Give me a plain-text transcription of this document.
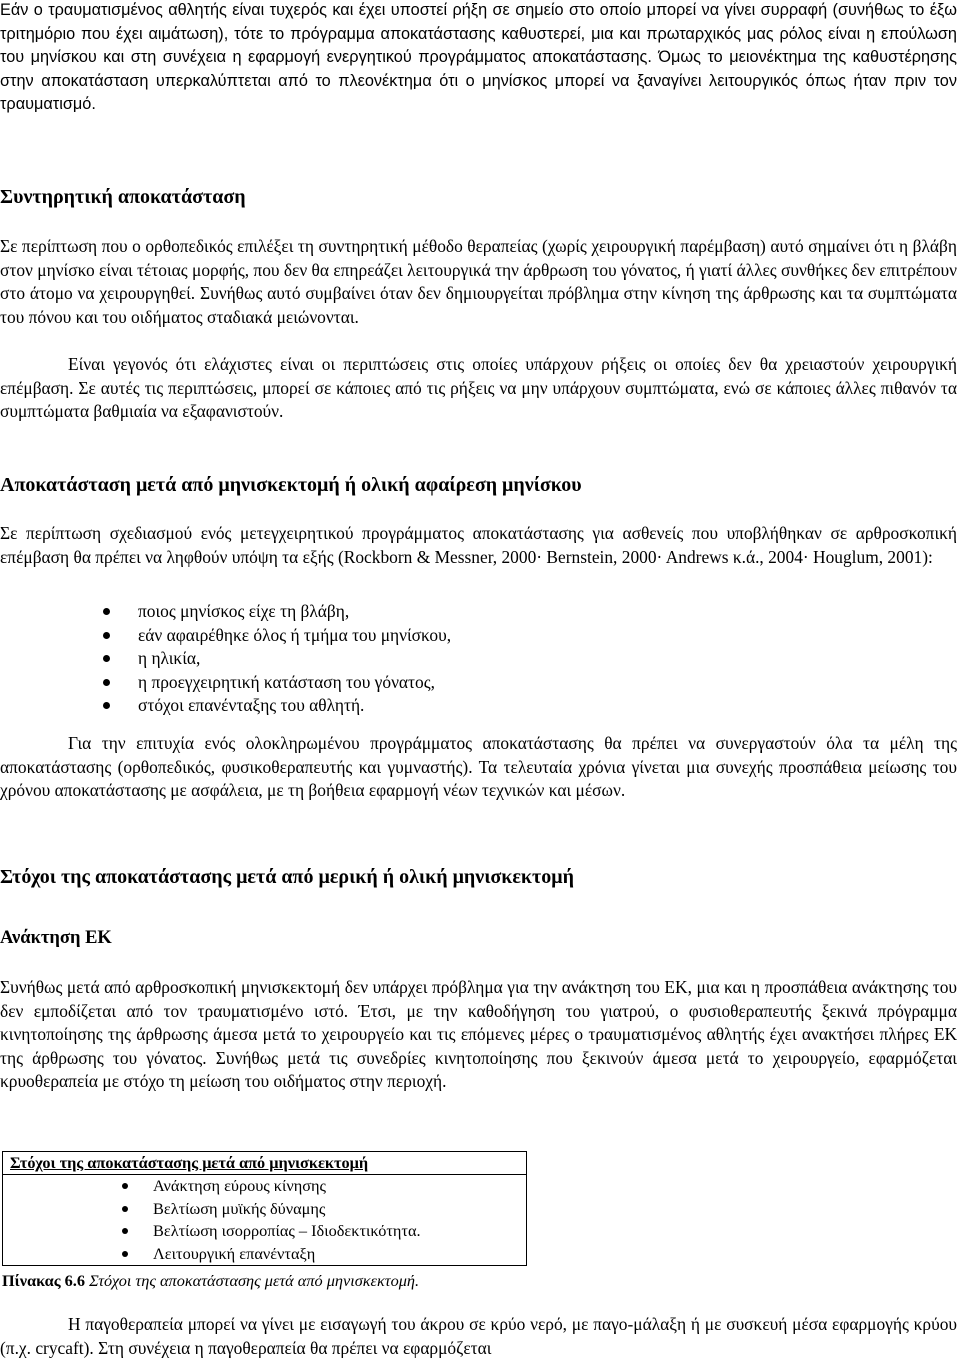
Εάν ο τραυματισμένος αθλητής είναι τυχερός και έχει υποστεί ρήξη σε σημείο στο οποίο μπορεί να γίνει συρραφή (συνήθως το έξω τριτημόριο που έχει αιμάτωση), τότε το πρόγραμμα αποκατάστασης καθυστερεί, μια και πρωταρχικός μας ρόλος είναι η επούλωση του μηνίσκου και στη συνέχεια η εφαρμογή ενεργητικού προγράμματος αποκατάστασης. Όμως το μειονέκτημα της καθυστέρησης στην αποκατάσταση υπερκαλύπτεται από το πλεονέκτημα ότι ο μηνίσκος μπορεί να ξαναγίνει λειτουργικός όπως ήταν πριν τον τραυματισμό.

Συντηρητική αποκατάσταση

Σε περίπτωση που ο ορθοπεδικός επιλέξει τη συντηρητική μέθοδο θεραπείας (χωρίς χειρουργική παρέμβαση) αυτό σημαίνει ότι η βλάβη στον μηνίσκο είναι τέτοιας μορφής, που δεν θα επηρεάζει λειτουργικά την άρθρωση του γόνατος, ή γιατί άλλες συνθήκες δεν επιτρέπουν στο άτομο να χειρουργηθεί. Συνήθως αυτό συμβαίνει όταν δεν δημιουργείται πρόβλημα στην κίνηση της άρθρωσης και τα συμπτώματα του πόνου και του οιδήματος σταδιακά μειώνονται.

Είναι γεγονός ότι ελάχιστες είναι οι περιπτώσεις στις οποίες υπάρχουν ρήξεις οι οποίες δεν θα χρειαστούν χειρουργική επέμβαση. Σε αυτές τις περιπτώσεις, μπορεί σε κάποιες από τις ρήξεις να μην υπάρχουν συμπτώματα, ενώ σε κάποιες άλλες πιθανόν τα συμπτώματα βαθμιαία να εξαφανιστούν.

Αποκατάσταση μετά από μηνισκεκτομή ή ολική αφαίρεση μηνίσκου

Σε περίπτωση σχεδιασμού ενός μετεγχειρητικού προγράμματος αποκατάστασης για ασθενείς που υποβλήθηκαν σε αρθροσκοπική επέμβαση θα πρέπει να ληφθούν υπόψη τα εξής (Rockborn & Messner, 2000· Bernstein, 2000· Andrews κ.ά., 2004· Houglum, 2001):

ποιος μηνίσκος είχε τη βλάβη,
εάν αφαιρέθηκε όλος ή τμήμα του μηνίσκου,
η ηλικία,
η προεγχειρητική κατάσταση του γόνατος,
στόχοι επανένταξης του αθλητή.

Για την επιτυχία ενός ολοκληρωμένου προγράμματος αποκατάστασης θα πρέπει να συνεργαστούν όλα τα μέλη της αποκατάστασης (ορθοπεδικός, φυσικοθεραπευτής και γυμναστής). Τα τελευταία χρόνια γίνεται μια συνεχής προσπάθεια μείωσης του χρόνου αποκατάστασης με ασφάλεια, με τη βοήθεια εφαρμογή νέων τεχνικών και μέσων.

Στόχοι της αποκατάστασης μετά από μερική ή ολική μηνισκεκτομή
Ανάκτηση ΕΚ

Συνήθως μετά από αρθροσκοπική μηνισκεκτομή δεν υπάρχει πρόβλημα για την ανάκτηση του ΕΚ, μια και η προσπάθεια ανάκτησης του δεν εμποδίζεται από τον τραυματισμένο ιστό. Έτσι, με την καθοδήγηση του γιατρού, ο φυσιοθεραπευτής ξεκινά πρόγραμμα κινητοποίησης της άρθρωσης άμεσα μετά το χειρουργείο και τις επόμενες μέρες ο τραυματισμένος αθλητής έχει ανακτήσει πλήρες ΕΚ της άρθρωσης του γόνατος. Συνήθως μετά τις συνεδρίες κινητοποίησης που ξεκινούν άμεσα μετά το χειρουργείο, εφαρμόζεται κρυοθεραπεία με στόχο τη μείωση του οιδήματος στην περιοχή.

Στόχοι της αποκατάστασης μετά από μηνισκεκτομή

Ανάκτηση εύρους κίνησης
Βελτίωση μυϊκής δύναμης
Βελτίωση ισορροπίας – Ιδιοδεκτικότητα.
Λειτουργική επανένταξη
Πίνακας 6.6 Στόχοι της αποκατάστασης μετά από μηνισκεκτομή.

Η παγοθεραπεία μπορεί να γίνει με εισαγωγή του άκρου σε κρύο νερό, με παγο-μάλαξη ή με συσκευή μέσα εφαρμογής κρύου (π.χ. crycaft). Στη συνέχεια η παγοθεραπεία θα πρέπει να εφαρμόζεται
